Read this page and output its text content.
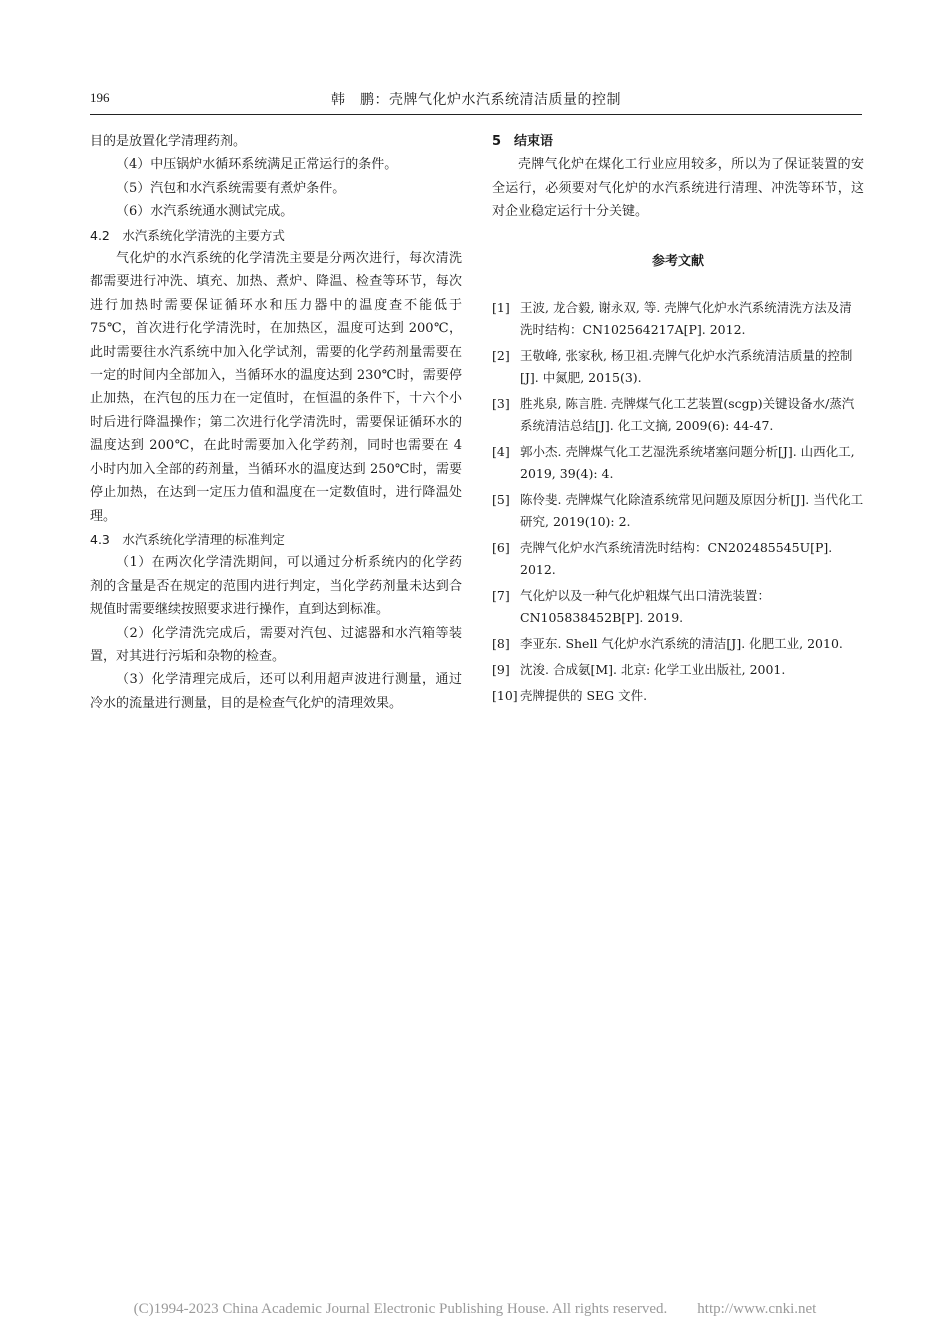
196	韩　鹏：壳牌气化炉水汽系统清洁质量的控制

目的是放置化学清理药剂。

（4）中压锅炉水循环系统满足正常运行的条件。

（5）汽包和水汽系统需要有煮炉条件。

（6）水汽系统通水测试完成。

4.2　水汽系统化学清洗的主要方式

气化炉的水汽系统的化学清洗主要是分两次进行，每次清洗都需要进行冲洗、填充、加热、煮炉、降温、检查等环节，每次进行加热时需要保证循环水和压力器中的温度查不能低于 75℃，首次进行化学清洗时，在加热区，温度可达到 200℃，此时需要往水汽系统中加入化学试剂，需要的化学药剂量需要在一定的时间内全部加入，当循环水的温度达到 230℃时，需要停止加热，在汽包的压力在一定值时，在恒温的条件下，十六个小时后进行降温操作；第二次进行化学清洗时，需要保证循环水的温度达到 200℃，在此时需要加入化学药剂，同时也需要在 4 小时内加入全部的药剂量，当循环水的温度达到 250℃时，需要停止加热，在达到一定压力值和温度在一定数值时，进行降温处理。

4.3　水汽系统化学清理的标准判定

（1）在两次化学清洗期间，可以通过分析系统内的化学药剂的含量是否在规定的范围内进行判定，当化学药剂量未达到合规值时需要继续按照要求进行操作，直到达到标准。

（2）化学清洗完成后，需要对汽包、过滤器和水汽箱等装置，对其进行污垢和杂物的检查。

（3）化学清理完成后，还可以利用超声波进行测量，通过冷水的流量进行测量，目的是检查气化炉的清理效果。

5　结束语

壳牌气化炉在煤化工行业应用较多，所以为了保证装置的安全运行，必须要对气化炉的水汽系统进行清理、冲洗等环节，这对企业稳定运行十分关键。

参考文献

[1] 王波, 龙合毅, 谢永双, 等. 壳牌气化炉水汽系统清洗方法及清洗时结构：CN102564217A[P]. 2012.

[2] 王敬峰, 张家秋, 杨卫祖.壳牌气化炉水汽系统清洁质量的控制[J]. 中氮肥, 2015(3).

[3] 胜兆泉, 陈言胜. 壳牌煤气化工艺装置(scgp)关键设备水/蒸汽系统清洁总结[J]. 化工文摘, 2009(6): 44-47.

[4] 郭小杰. 壳牌煤气化工艺湿洗系统堵塞问题分析[J]. 山西化工, 2019, 39(4): 4.

[5] 陈伶斐. 壳牌煤气化除渣系统常见问题及原因分析[J]. 当代化工研究, 2019(10): 2.

[6] 壳牌气化炉水汽系统清洗时结构：CN202485545U[P]. 2012.

[7] 气化炉以及一种气化炉粗煤气出口清洗装置：CN105838452B[P]. 2019.

[8] 李亚东. Shell 气化炉水汽系统的清洁[J]. 化肥工业, 2010.

[9] 沈浚. 合成氨[M]. 北京: 化学工业出版社, 2001.

[10] 壳牌提供的 SEG 文件.

(C)1994-2023 China Academic Journal Electronic Publishing House. All rights reserved.　　http://www.cnki.net
